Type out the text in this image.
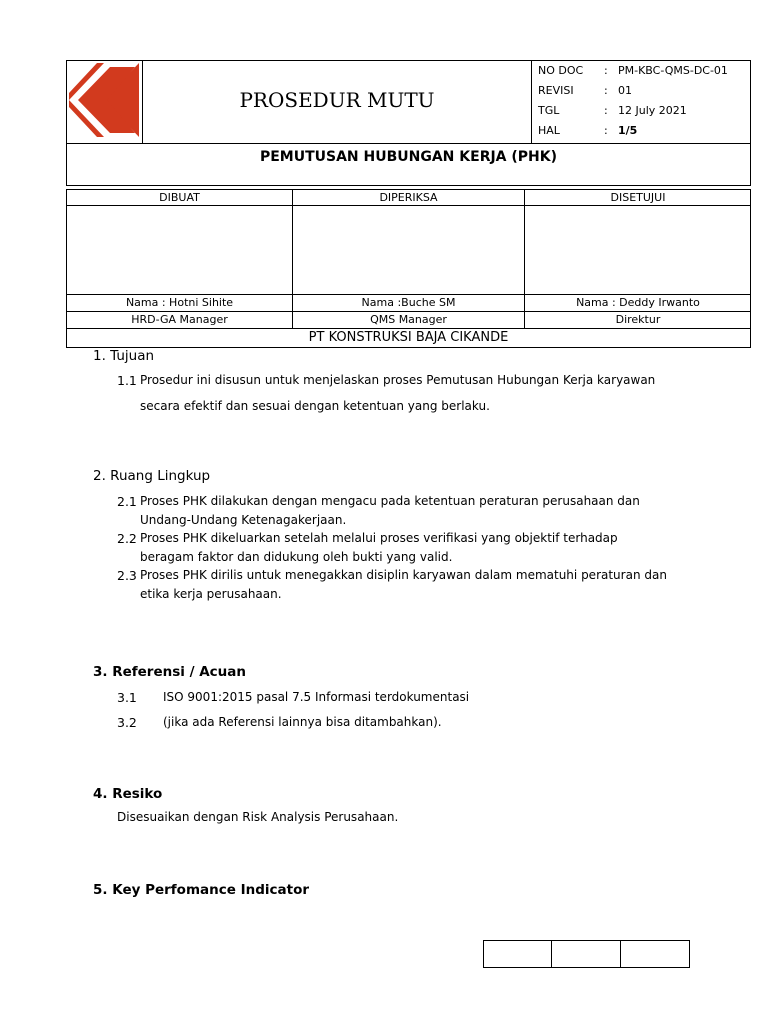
PROSEDUR MUTU
NO DOC	: PM-KBC-QMS-DC-01
REVISI	: 01
TGL	: 12 July 2021
HAL	: 1/5
PEMUTUSAN HUBUNGAN KERJA (PHK)
DIBUAT	DIPERIKSA	DISETUJUI
Nama : Hotni Sihite	Nama :Buche SM	Nama : Deddy Irwanto
HRD-GA Manager	QMS Manager	Direktur
PT KONSTRUKSI BAJA CIKANDE
1. Tujuan
1.1 Prosedur ini disusun untuk menjelaskan proses Pemutusan Hubungan Kerja karyawan
secara efektif dan sesuai dengan ketentuan yang berlaku.
2. Ruang Lingkup
2.1 Proses PHK dilakukan dengan mengacu pada ketentuan peraturan perusahaan dan
Undang-Undang Ketenagakerjaan.
2.2 Proses PHK dikeluarkan setelah melalui proses verifikasi yang objektif terhadap
beragam faktor dan didukung oleh bukti yang valid.
2.3 Proses PHK dirilis untuk menegakkan disiplin karyawan dalam mematuhi peraturan dan
etika kerja perusahaan.
3. Referensi / Acuan
3.1 ISO 9001:2015 pasal 7.5 Informasi terdokumentasi
3.2 (jika ada Referensi lainnya bisa ditambahkan).
4. Resiko
Disesuaikan dengan Risk Analysis Perusahaan.
5. Key Perfomance Indicator
